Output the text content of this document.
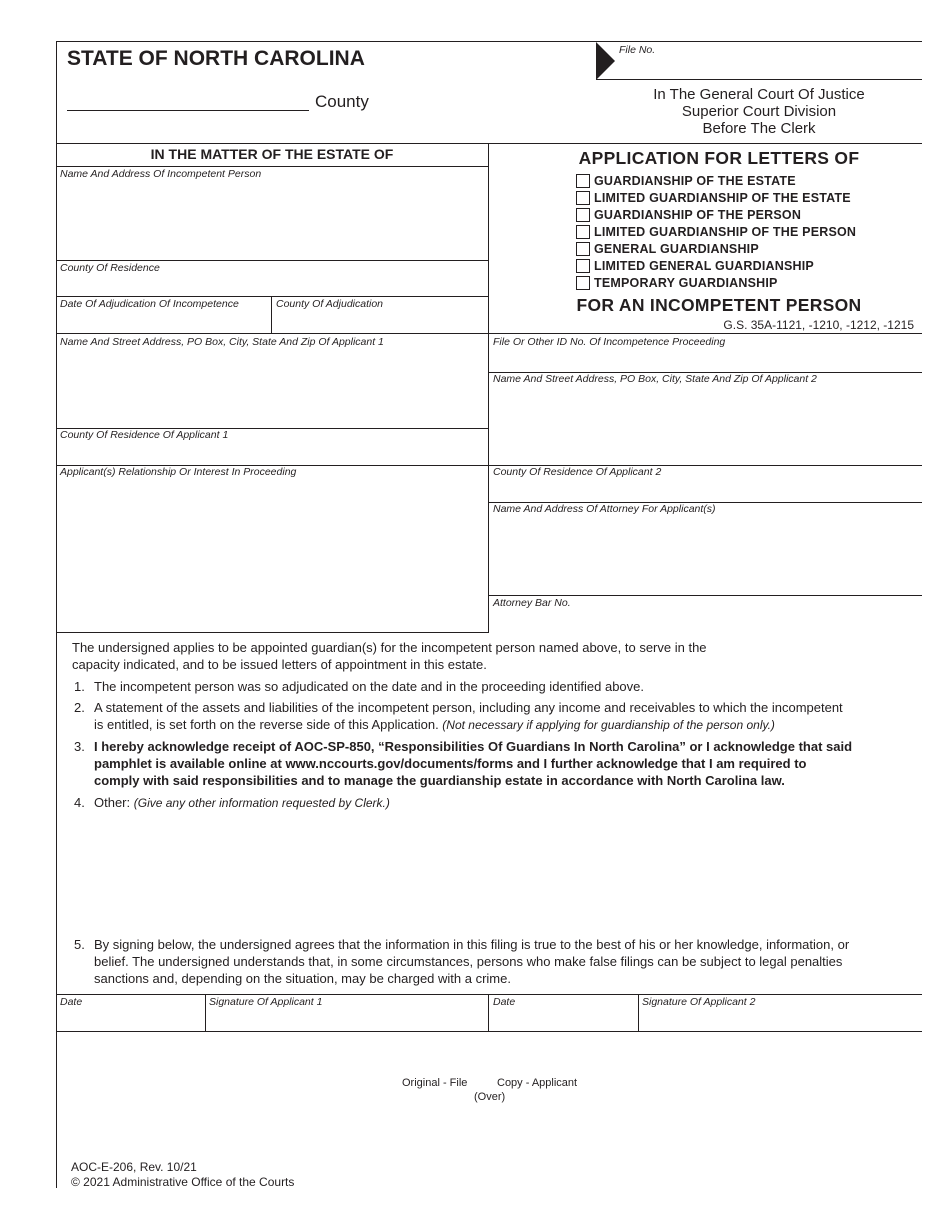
STATE OF NORTH CAROLINA
County
File No.
In The General Court Of Justice
Superior Court Division
Before The Clerk
IN THE MATTER OF THE ESTATE OF
Name And Address Of Incompetent Person
County Of Residence
Date Of Adjudication Of Incompetence	County Of Adjudication
Name And Street Address, PO Box, City, State And Zip Of Applicant 1
County Of Residence Of Applicant 1
Applicant(s) Relationship Or Interest In Proceeding
APPLICATION FOR LETTERS OF
GUARDIANSHIP OF THE ESTATE
LIMITED GUARDIANSHIP OF THE ESTATE
GUARDIANSHIP OF THE PERSON
LIMITED GUARDIANSHIP OF THE PERSON
GENERAL GUARDIANSHIP
LIMITED GENERAL GUARDIANSHIP
TEMPORARY GUARDIANSHIP
FOR AN INCOMPETENT PERSON
G.S. 35A-1121, -1210, -1212, -1215
File Or Other ID No. Of Incompetence Proceeding
Name And Street Address, PO Box, City, State And Zip Of Applicant 2
County Of Residence Of Applicant 2
Name And Address Of Attorney For Applicant(s)
Attorney Bar No.
The undersigned applies to be appointed guardian(s) for the incompetent person named above, to serve in the
capacity indicated, and to be issued letters of appointment in this estate.
1. The incompetent person was so adjudicated on the date and in the proceeding identified above.
2. A statement of the assets and liabilities of the incompetent person, including any income and receivables to which the incompetent
is entitled, is set forth on the reverse side of this Application. (Not necessary if applying for guardianship of the person only.)
3. I hereby acknowledge receipt of AOC-SP-850, “Responsibilities Of Guardians In North Carolina” or I acknowledge that said
pamphlet is available online at www.nccourts.gov/documents/forms and I further acknowledge that I am required to
comply with said responsibilities and to manage the guardianship estate in accordance with North Carolina law.
4. Other: (Give any other information requested by Clerk.)
5. By signing below, the undersigned agrees that the information in this filing is true to the best of his or her knowledge, information, or
belief. The undersigned understands that, in some circumstances, persons who make false filings can be subject to legal penalties
sanctions and, depending on the situation, may be charged with a crime.
Date	Signature Of Applicant 1	Date	Signature Of Applicant 2
Original - File	Copy - Applicant
(Over)
AOC-E-206, Rev. 10/21
© 2021 Administrative Office of the Courts
